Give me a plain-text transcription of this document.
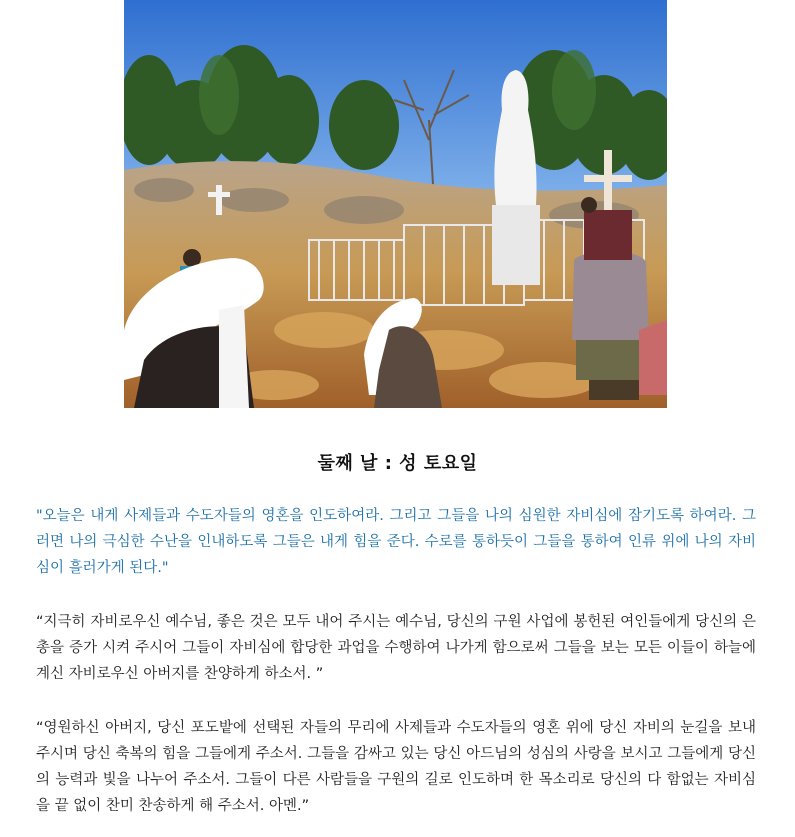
둘째 날 : 성 토요일

"오늘은 내게 사제들과 수도자들의 영혼을 인도하여라. 그리고 그들을 나의 심원한 자비심에 잠기도록 하여라. 그러면 나의 극심한 수난을 인내하도록 그들은 내게 힘을 준다. 수로를 통하듯이 그들을 통하여 인류 위에 나의 자비심이 흘러가게 된다."

“지극히 자비로우신 예수님, 좋은 것은 모두 내어 주시는 예수님, 당신의 구원 사업에 봉헌된 여인들에게 당신의 은총을 증가 시켜 주시어 그들이 자비심에 합당한 과업을 수행하여 나가게 함으로써 그들을 보는 모든 이들이 하늘에 계신 자비로우신 아버지를 찬양하게 하소서. ”

“영원하신 아버지, 당신 포도밭에 선택된 자들의 무리에 사제들과 수도자들의 영혼 위에 당신 자비의 눈길을 보내 주시며 당신 축복의 힘을 그들에게 주소서. 그들을 감싸고 있는 당신 아드님의 성심의 사랑을 보시고 그들에게 당신의 능력과 빛을 나누어 주소서. 그들이 다른 사람들을 구원의 길로 인도하며 한 목소리로 당신의 다 함없는 자비심을 끝 없이 찬미 찬송하게 해 주소서. 아멘.”
